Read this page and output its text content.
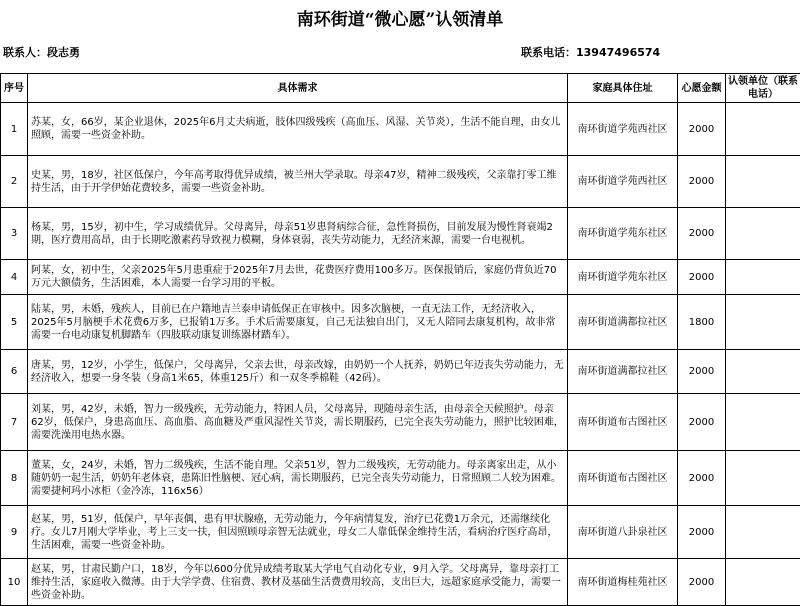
南环街道“微心愿”认领清单
联系人：段志勇	联系电话：13947496574
序号	具体需求	家庭具体住址	心愿金额	认领单位（联系电话）
1	苏某，女，66岁，某企业退休，2025年6月丈夫病逝，肢体四级残疾（高血压、风湿、关节炎），生活不能自理，由女儿照顾，需要一些资金补助。	南环街道学苑西社区	2000	
2	史某，男，18岁，社区低保户，今年高考取得优异成绩，被兰州大学录取。母亲47岁，精神二级残疾，父亲靠打零工维持生活，由于开学伊始花费较多，需要一些资金补助。	南环街道学苑西社区	2000	
3	杨某，男，15岁，初中生，学习成绩优异。父母离异，母亲51岁患肾病综合征，急性肾损伤，目前发展为慢性肾衰竭2期，医疗费用高昂，由于长期吃激素药导致视力模糊，身体衰弱，丧失劳动能力，无经济来源，需要一台电视机。	南环街道学苑东社区	2000	
4	阿某，女，初中生，父亲2025年5月患重症于2025年7月去世，花费医疗费用100多万。医保报销后，家庭仍背负近70万元大额债务，生活困难，本人需要一台学习用的平板。	南环街道学苑东社区	2000	
5	陆某，男，未婚，残疾人，目前已在户籍地吉兰泰申请低保正在审核中。因多次脑梗，一直无法工作，无经济收入，2025年5月脑梗手术花费6万多，已报销1万多。手术后需要康复，自己无法独自出门，又无人陪同去康复机构，故非常需要一台电动康复机脚踏车（四肢联动康复训练器材踏车）。	南环街道满都拉社区	1800	
6	唐某，男，12岁，小学生，低保户，父母离异，父亲去世，母亲改嫁，由奶奶一个人抚养，奶奶已年迈丧失劳动能力，无经济收入，想要一身冬装（身高1米65，体重125斤）和一双冬季棉鞋（42码）。	南环街道满都拉社区	2000	
7	刘某，男，42岁，未婚，智力一级残疾，无劳动能力，特困人员，父母离异，现随母亲生活，由母亲全天候照护。母亲62岁，低保户，身患高血压、高血脂、高血糖及严重风湿性关节炎，需长期服药，已完全丧失劳动能力，照护比较困难，需要洗澡用电热水器。	南环街道布古图社区	2000	
8	董某，女，24岁，未婚，智力二级残疾，生活不能自理。父亲51岁，智力二级残疾，无劳动能力。母亲离家出走，从小随奶奶一起生活，奶奶年老体衰，患陈旧性脑梗、冠心病，需长期服药，已完全丧失劳动能力，日常照顾二人较为困难。需要捷柯玛小冰柜（金冷冻，116x56）	南环街道布古图社区	2000	
9	赵某，男，51岁，低保户，早年丧偶，患有甲状腺癌，无劳动能力，今年病情复发，治疗已花费1万余元，还需继续化疗。女儿7月刚大学毕业，考上三支一扶，但因照顾母亲智无法就业，母女二人靠低保金维持生活，看病治疗医疗高昂，生活困难，需要一些资金补助。	南环街道八卦泉社区	2000	
10	赵某，男，甘肃民勤户口，18岁，今年以600分优异成绩考取某大学电气自动化专业，9月入学。父母离异，靠母亲打工维持生活，家庭收入微薄。由于大学学费、住宿费、教材及基础生活费费用较高，支出巨大，远超家庭承受能力，需要一些资金补助。	南环街道梅桂苑社区	2000	
